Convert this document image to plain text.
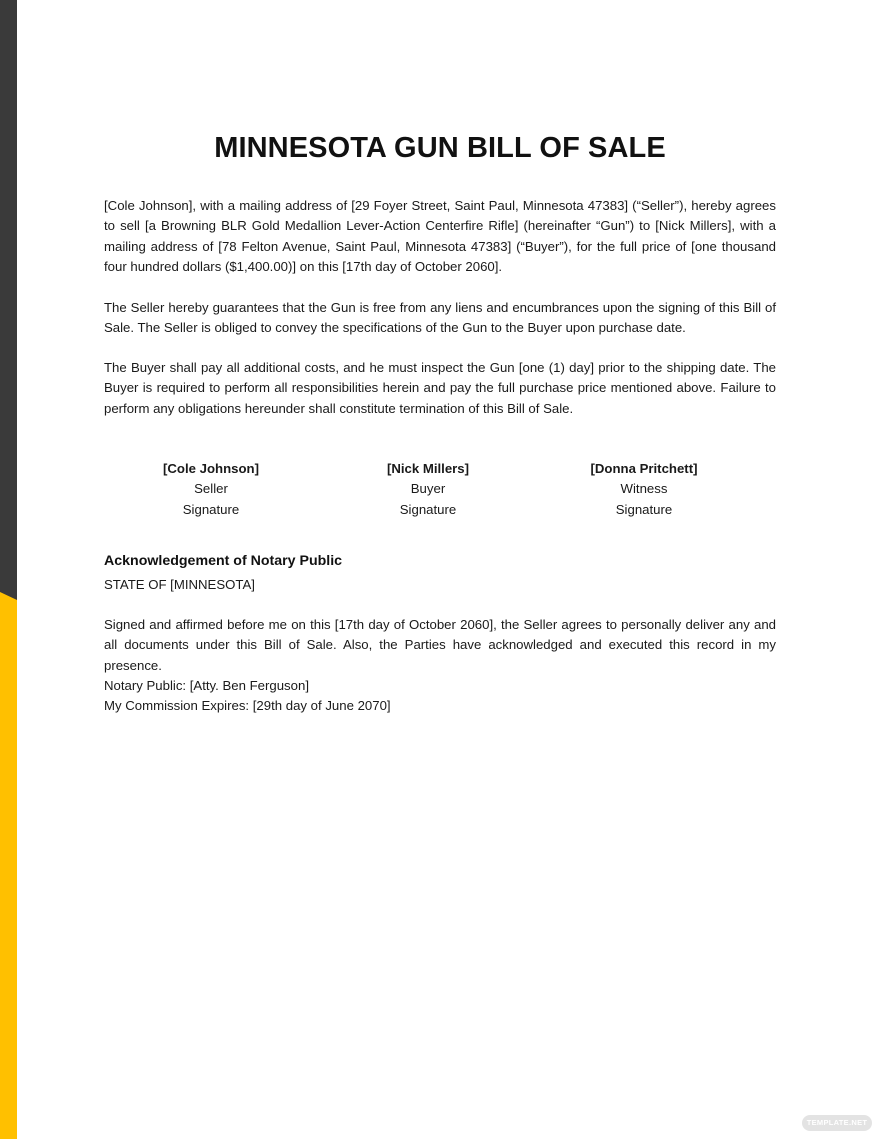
MINNESOTA GUN BILL OF SALE

[Cole Johnson], with a mailing address of [29 Foyer Street, Saint Paul, Minnesota 47383] (“Seller”), hereby agrees to sell [a Browning BLR Gold Medallion Lever-Action Centerfire Rifle] (hereinafter “Gun”) to [Nick Millers], with a mailing address of [78 Felton Avenue, Saint Paul, Minnesota 47383] (“Buyer”), for the full price of [one thousand four hundred dollars ($1,400.00)] on this [17th day of October 2060].

The Seller hereby guarantees that the Gun is free from any liens and encumbrances upon the signing of this Bill of Sale. The Seller is obliged to convey the specifications of the Gun to the Buyer upon purchase date.

The Buyer shall pay all additional costs, and he must inspect the Gun [one (1) day] prior to the shipping date. The Buyer is required to perform all responsibilities herein and pay the full purchase price mentioned above. Failure to perform any obligations hereunder shall constitute termination of this Bill of Sale.

[Cole Johnson]
Seller
Signature
[Nick Millers]
Buyer
Signature
[Donna Pritchett]
Witness
Signature
Acknowledgement of Notary Public

STATE OF [MINNESOTA]

Signed and affirmed before me on this [17th day of October 2060], the Seller agrees to personally deliver any and all documents under this Bill of Sale. Also, the Parties have acknowledged and executed this record in my presence.

Notary Public: [Atty. Ben Ferguson]

My Commission Expires: [29th day of June 2070]

TEMPLATE.NET
